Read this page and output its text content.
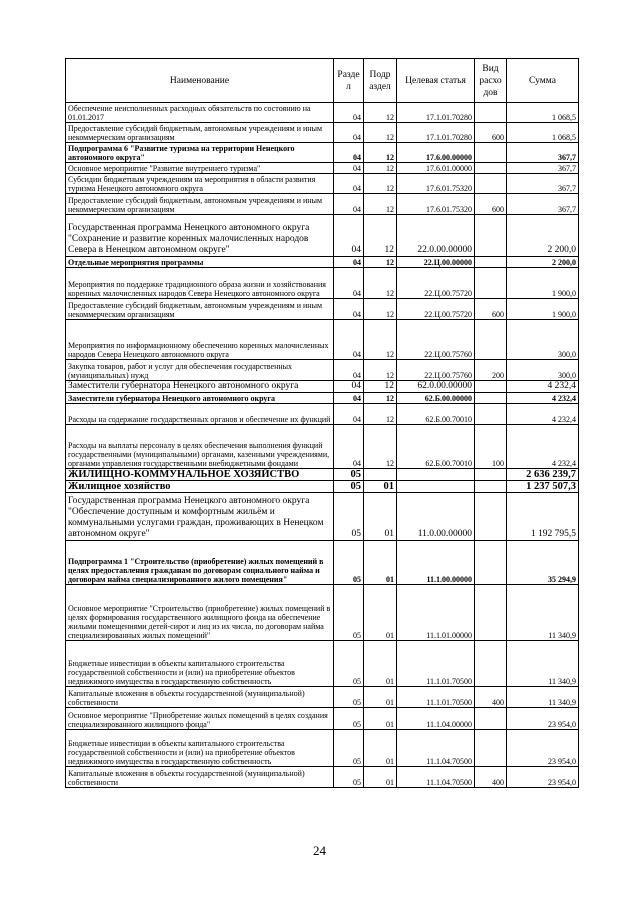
Наименование	Разде л	Подр аздел	Целевая статья	Вид расхо дов	Сумма
Обеспечение неисполненных расходных обязательств по состоянию на 01.01.2017	04	12	17.1.01.70280		1 068,5
Предоставление субсидий бюджетным, автономным учреждениям и иным некоммерческим организациям	04	12	17.1.01.70280	600	1 068,5
Подпрограмма 6 "Развитие туризма на территории Ненецкого автономного округа"	04	12	17.6.00.00000		367,7
Основное мероприятие "Развитие внутреннего туризма"	04	12	17.6.01.00000		367,7
Субсидии бюджетным учреждениям на мероприятия в области развития туризма Ненецкого автономного округа	04	12	17.6.01.75320		367,7
Предоставление субсидий бюджетным, автономным учреждениям и иным некоммерческим организациям	04	12	17.6.01.75320	600	367,7
Государственная программа Ненецкого автономного округа "Сохранение и развитие коренных малочисленных народов Севера в Ненецком автономном округе"	04	12	22.0.00.00000		2 200,0
Отдельные мероприятия программы	04	12	22.Ц.00.00000		2 200,0
Мероприятия по поддержке традиционного образа жизни и хозяйствования коренных малочисленных народов Севера Ненецкого автономного округа	04	12	22.Ц.00.75720		1 900,0
Предоставление субсидий бюджетным, автономным учреждениям и иным некоммерческим организациям	04	12	22.Ц.00.75720	600	1 900,0
Мероприятия по информационному обеспечению коренных малочисленных народов Севера Ненецкого автономного округа	04	12	22.Ц.00.75760		300,0
Закупка товаров, работ и услуг для обеспечения государственных (муниципальных) нужд	04	12	22.Ц.00.75760	200	300,0
Заместители губернатора Ненецкого автономного округа	04	12	62.0.00.00000		4 232,4
Заместители губернатора Ненецкого автономного округа	04	12	62.Б.00.00000		4 232,4
Расходы на содержание государственных органов и обеспечение их функций	04	12	62.Б.00.70010		4 232,4
Расходы на выплаты персоналу в целях обеспечения выполнения функций государственными (муниципальными) органами, казенными учреждениями, органами управления государственными внебюджетными фондами	04	12	62.Б.00.70010	100	4 232,4
ЖИЛИЩНО-КОММУНАЛЬНОЕ ХОЗЯЙСТВО	05				2 636 239,7
Жилищное хозяйство	05	01			1 237 507,3
Государственная программа Ненецкого автономного округа "Обеспечение доступным и комфортным жильём и коммунальными услугами граждан, проживающих в Ненецком автономном округе"	05	01	11.0.00.00000		1 192 795,5
Подпрограмма 1 "Строительство (приобретение) жилых помещений в целях предоставления гражданам по договорам социального найма и договорам найма специализированного жилого помещения"	05	01	11.1.00.00000		35 294,9
Основное мероприятие "Строительство (приобретение) жилых помещений в целях формирования государственного жилищного фонда на обеспечение жилыми помещениями детей-сирот и лиц из их числа, по договорам найма специализированных жилых помещений"	05	01	11.1.01.00000		11 340,9
Бюджетные инвестиции в объекты капитального строительства государственной собственности и (или) на приобретение объектов недвижимого имущества в государственную собственность	05	01	11.1.01.70500		11 340,9
Капитальные вложения в объекты государственной (муниципальной) собственности	05	01	11.1.01.70500	400	11 340,9
Основное мероприятие "Приобретение жилых помещений в целях создания специализированного жилищного фонда"	05	01	11.1.04.00000		23 954,0
Бюджетные инвестиции в объекты капитального строительства государственной собственности и (или) на приобретение объектов недвижимого имущества в государственную собственность	05	01	11.1.04.70500		23 954,0
Капитальные вложения в объекты государственной (муниципальной) собственности	05	01	11.1.04.70500	400	23 954,0
24
